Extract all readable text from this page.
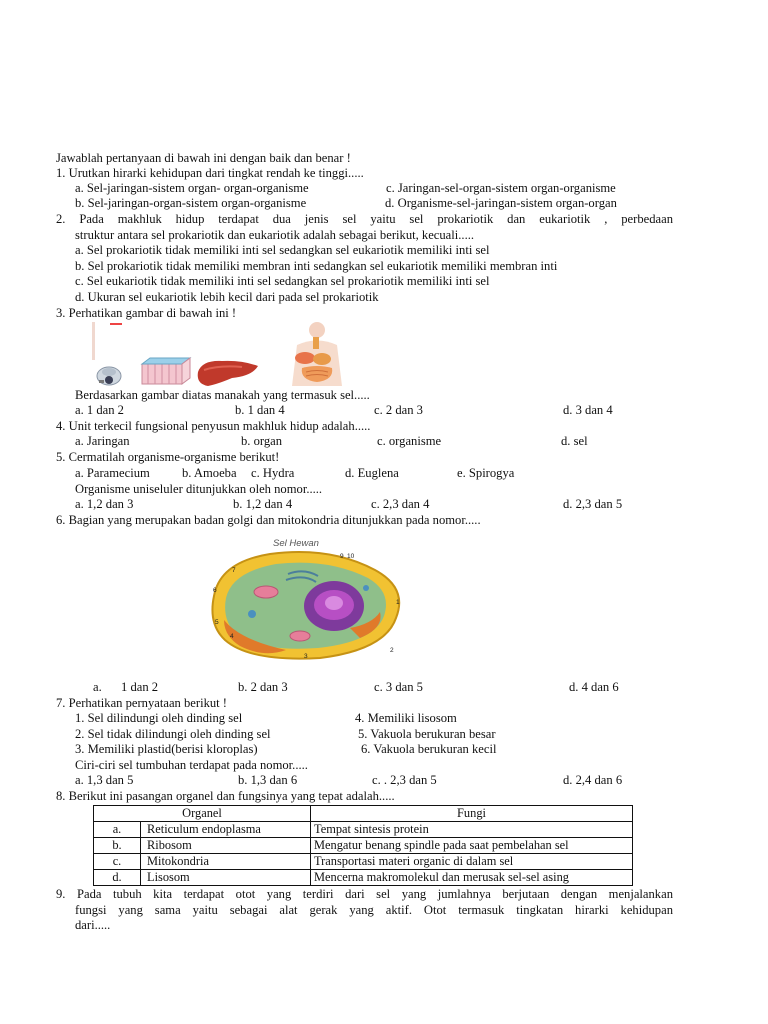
Jawablah pertanyaan di bawah ini dengan baik dan benar !
1. Urutkan hirarki kehidupan dari tingkat rendah ke tinggi.....
a. Sel-jaringan-sistem organ- organ-organisme	c. Jaringan-sel-organ-sistem organ-organisme
b. Sel-jaringan-organ-sistem organ-organisme	d. Organisme-sel-jaringan-sistem organ-organ
2. Pada makhluk hidup terdapat dua jenis sel yaitu sel prokariotik dan eukariotik , perbedaan
struktur antara sel prokariotik dan eukariotik adalah sebagai berikut, kecuali.....
a. Sel prokariotik tidak memiliki inti sel sedangkan sel eukariotik memiliki inti sel
b. Sel prokariotik tidak memiliki membran inti sedangkan sel eukariotik memiliki membran inti
c. Sel eukariotik tidak memiliki inti sel sedangkan sel prokariotik memiliki inti sel
d. Ukuran sel eukariotik lebih kecil dari pada sel prokariotik
3. Perhatikan gambar di bawah ini !
Berdasarkan gambar diatas manakah yang termasuk sel.....
a. 1 dan 2	b. 1 dan 4	c. 2 dan 3	d. 3 dan 4
4. Unit terkecil fungsional penyusun makhluk hidup adalah.....
a. Jaringan	b. organ	c. organisme	d. sel
5. Cermatilah organisme-organisme berikut!
a. Paramecium	b. Amoeba c. Hydra	d. Euglena	e. Spirogya
Organisme uniseluler ditunjukkan oleh nomor.....
a. 1,2 dan 3	b. 1,2 dan 4	c. 2,3 dan 4	d. 2,3 dan 5
6. Bagian yang merupakan badan golgi dan mitokondria ditunjukkan pada nomor.....
Sel Hewan
9 10
7
6
5
4
3
2
1
a. 1 dan 2	b. 2 dan 3	c. 3 dan 5	d. 4 dan 6
7. Perhatikan pernyataan berikut !
1. Sel dilindungi oleh dinding sel	4. Memiliki lisosom
2. Sel tidak dilindungi oleh dinding sel	5. Vakuola berukuran besar
3. Memiliki plastid(berisi kloroplas)	6. Vakuola berukuran kecil
Ciri-ciri sel tumbuhan terdapat pada nomor.....
a. 1,3 dan 5	b. 1,3 dan 6	c. . 2,3 dan 5	d. 2,4 dan 6
8. Berikut ini pasangan organel dan fungsinya yang tepat adalah.....
Organel		Fungi
a.	Reticulum endoplasma	Tempat sintesis protein
b.	Ribosom	Mengatur benang spindle pada saat pembelahan sel
c.	Mitokondria	Transportasi materi organic di dalam sel
d.	Lisosom	Mencerna makromolekul dan merusak sel-sel asing
9. Pada tubuh kita terdapat otot yang terdiri dari sel yang jumlahnya berjutaan dengan menjalankan
fungsi yang sama yaitu sebagai alat gerak yang aktif. Otot termasuk tingkatan hirarki kehidupan
dari.....
